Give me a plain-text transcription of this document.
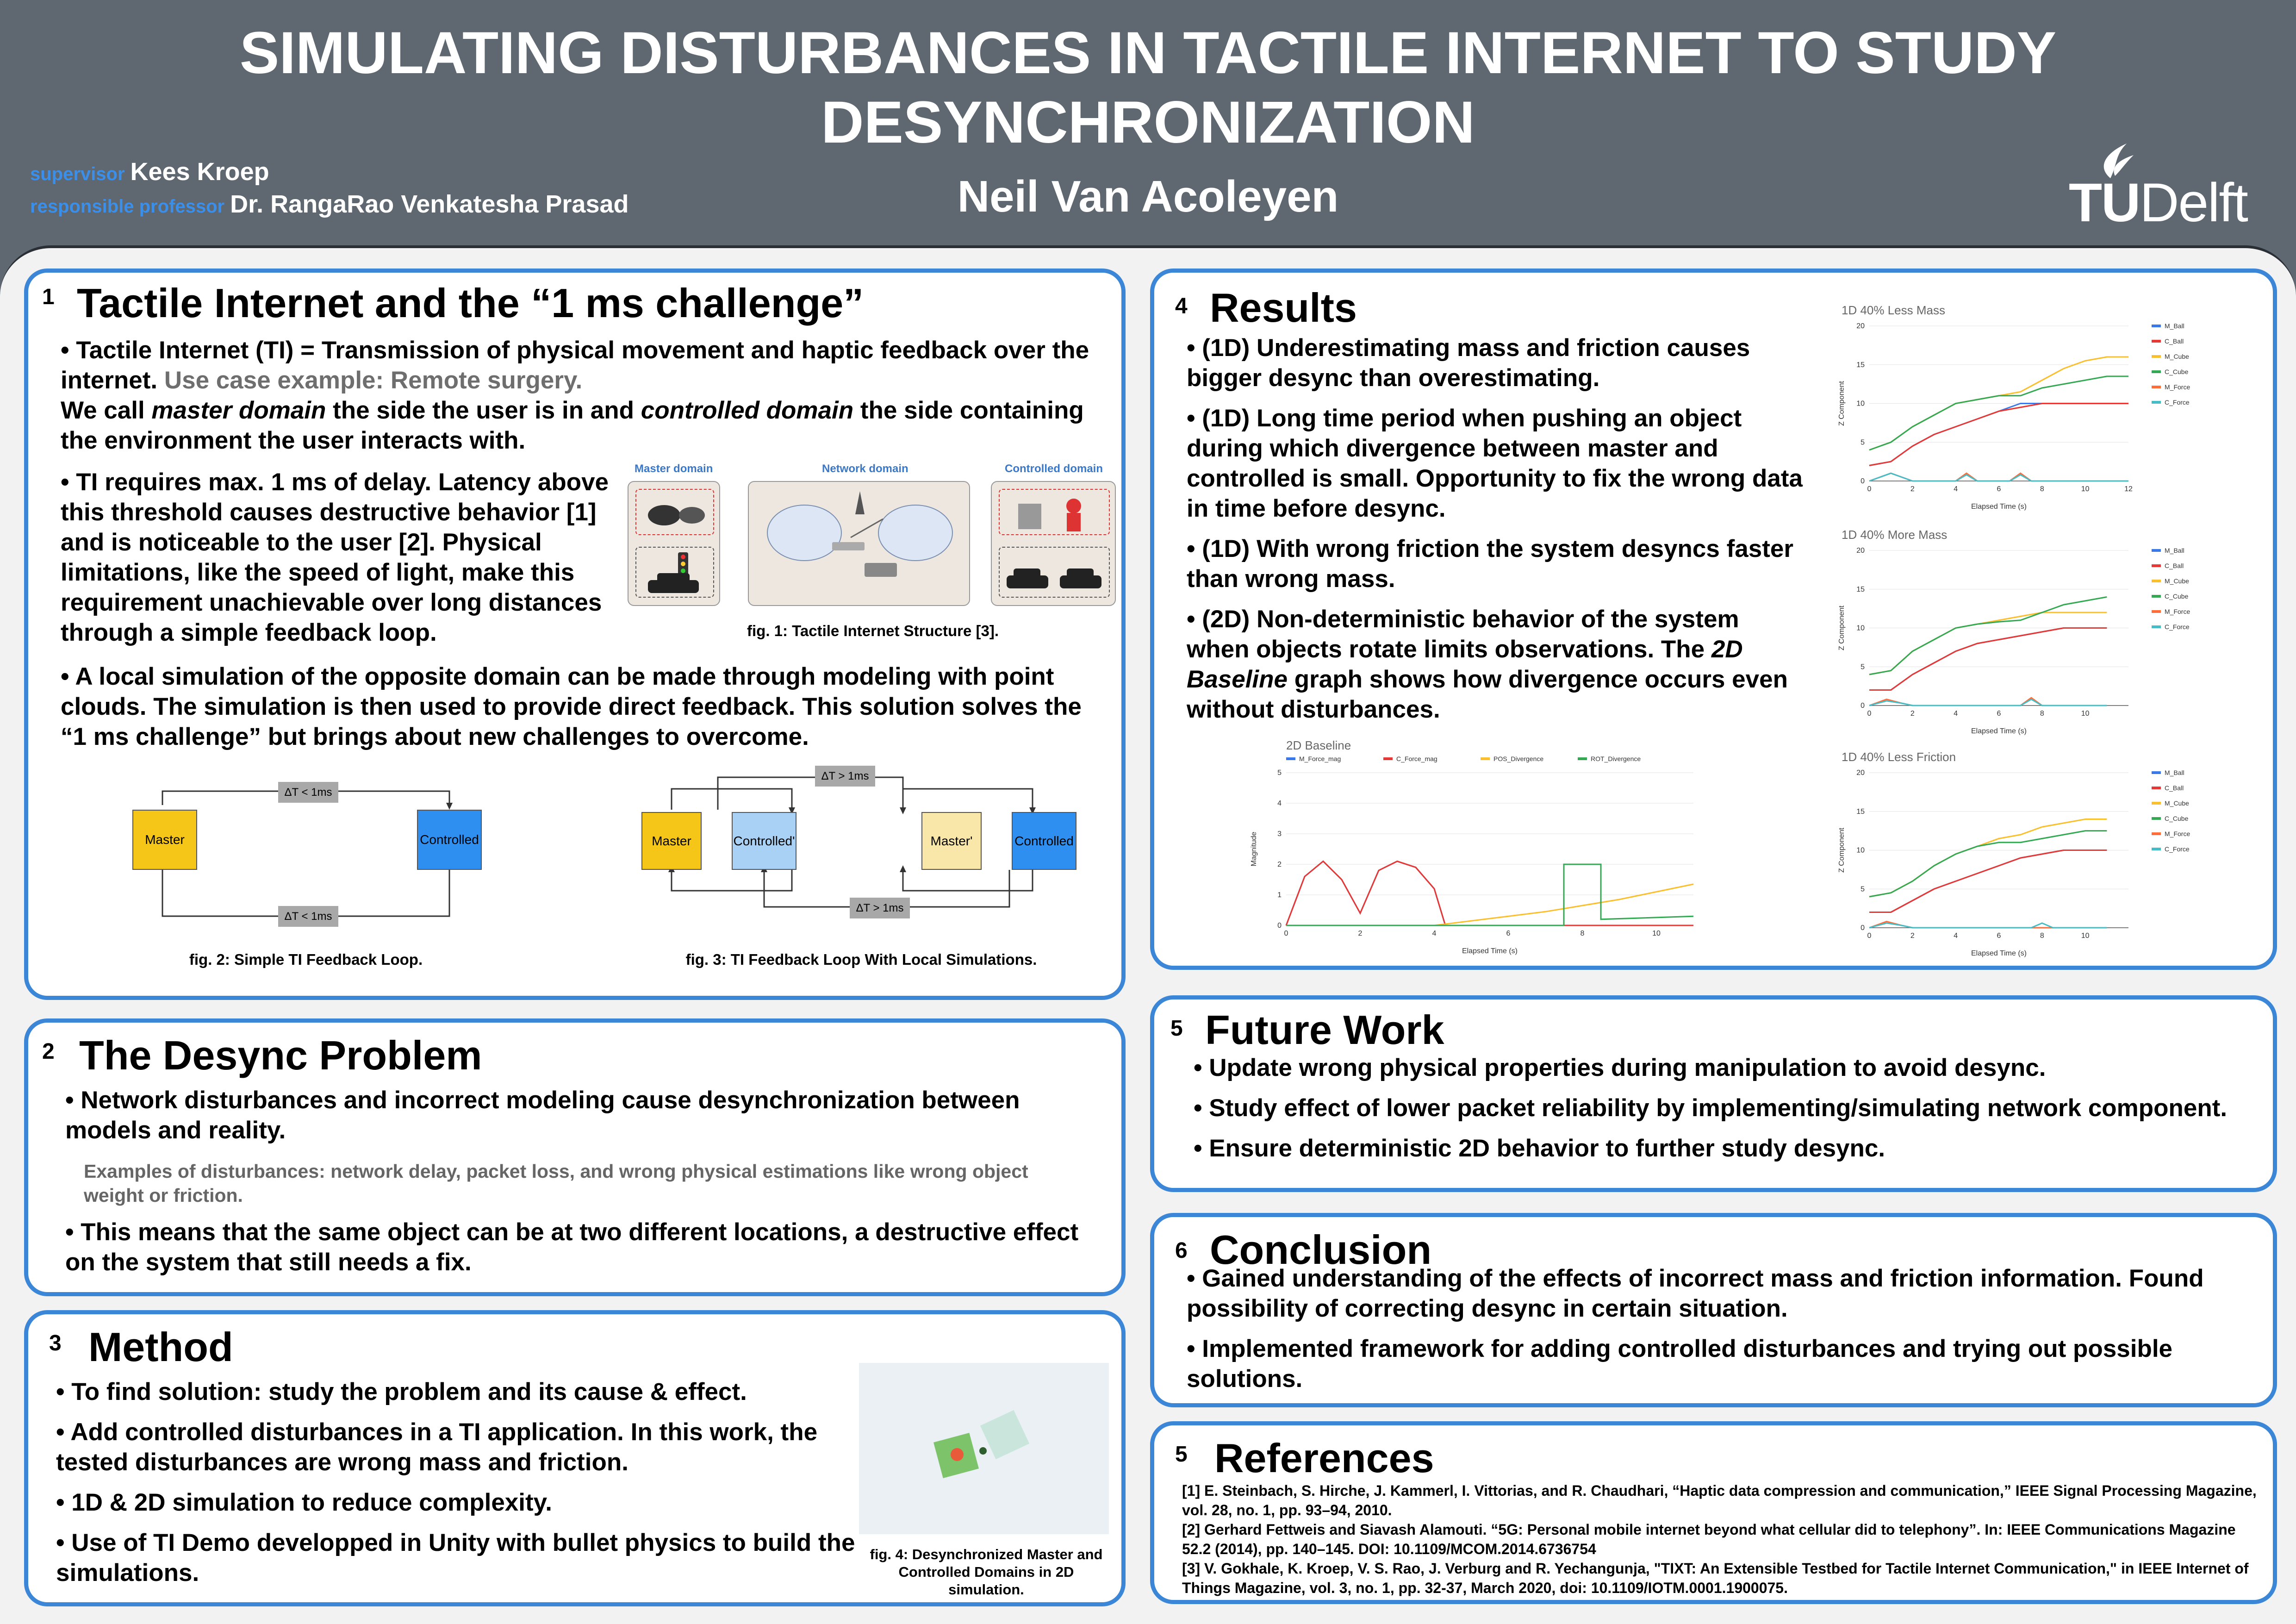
SIMULATING DISTURBANCES IN TACTILE INTERNET TO STUDY
DESYNCHRONIZATION
supervisor Kees Kroep
responsible professor Dr. RangaRao Venkatesha Prasad	Neil Van Acoleyen	TUDelft
1 Tactile Internet and the “1 ms challenge”
• Tactile Internet (TI) = Transmission of physical movement and haptic feedback over the internet. Use case example: Remote surgery.
We call master domain the side the user is in and controlled domain the side containing the environment the user interacts with.
• TI requires max. 1 ms of delay. Latency above this threshold causes destructive behavior [1] and is noticeable to the user [2]. Physical limitations, like the speed of light, make this requirement unachievable over long distances through a simple feedback loop.
Master domain	Network domain	Controlled domain
fig. 1: Tactile Internet Structure [3].
• A local simulation of the opposite domain can be made through modeling with point clouds. The simulation is then used to provide direct feedback. This solution solves the “1 ms challenge” but brings about new challenges to overcome.
Master	Controlled
ΔT < 1ms
ΔT < 1ms
fig. 2: Simple TI Feedback Loop.
Master	Controlled'	Master'	Controlled
ΔT > 1ms
ΔT > 1ms
fig. 3: TI Feedback Loop With Local Simulations.
2 The Desync Problem
• Network disturbances and incorrect modeling cause desynchronization between models and reality.
Examples of disturbances: network delay, packet loss, and wrong physical estimations like wrong object weight or friction.
• This means that the same object can be at two different locations, a destructive effect on the system that still needs a fix.
3 Method

• To find solution: study the problem and its cause & effect.

• Add controlled disturbances in a TI application. In this work, the tested disturbances are wrong mass and friction.

• 1D & 2D simulation to reduce complexity.

• Use of TI Demo developped in Unity with bullet physics to build the simulations.

fig. 4: Desynchronized Master and Controlled Domains in 2D simulation.
4 Results

• (1D) Underestimating mass and friction causes bigger desync than overestimating.

• (1D) Long time period when pushing an object during which divergence between master and controlled is small. Opportunity to fix the wrong data in time before desync.

• (1D) With wrong friction the system desyncs faster than wrong mass.

• (2D) Non-deterministic behavior of the system when objects rotate limits observations. The 2D Baseline graph shows how divergence occurs even without disturbances.

1D 40% Less Mass
0
5
10
15
20
0	2	4	6	8	10	12
Elapsed Time (s)
Z Component
M_Ball
C_Ball
M_Cube
C_Cube
M_Force
C_Force
1D 40% More Mass
0
5
10
15
20
0	2	4	6	8	10
Elapsed Time (s)
Z Component
M_Ball
C_Ball
M_Cube
C_Cube
M_Force
C_Force
1D 40% Less Friction
0
5
10
15
20
0	2	4	6	8	10
Elapsed Time (s)
Z Component
M_Ball
C_Ball
M_Cube
C_Cube
M_Force
C_Force
2D Baseline
0
1
2
3
4
5
0	2	4	6	8	10
Elapsed Time (s)
Magnitude
M_Force_mag	C_Force_mag	POS_Divergence	ROT_Divergence
5 Future Work

• Update wrong physical properties during manipulation to avoid desync.

• Study effect of lower packet reliability by implementing/simulating network component.

• Ensure deterministic 2D behavior to further study desync.

6 Conclusion

• Gained understanding of the effects of incorrect mass and friction information. Found possibility of correcting desync in certain situation.

• Implemented framework for adding controlled disturbances and trying out possible solutions.

5 References
[1] E. Steinbach, S. Hirche, J. Kammerl, I. Vittorias, and R. Chaudhari, “Haptic data compression and communication,” IEEE Signal Processing Magazine, vol. 28, no. 1, pp. 93–94, 2010.
[2] Gerhard Fettweis and Siavash Alamouti. “5G: Personal mobile internet beyond what cellular did to telephony”. In: IEEE Communications Magazine 52.2 (2014), pp. 140–145. DOI: 10.1109/MCOM.2014.6736754
[3] V. Gokhale, K. Kroep, V. S. Rao, J. Verburg and R. Yechangunja, "TIXT: An Extensible Testbed for Tactile Internet Communication," in IEEE Internet of Things Magazine, vol. 3, no. 1, pp. 32-37, March 2020, doi: 10.1109/IOTM.0001.1900075.
